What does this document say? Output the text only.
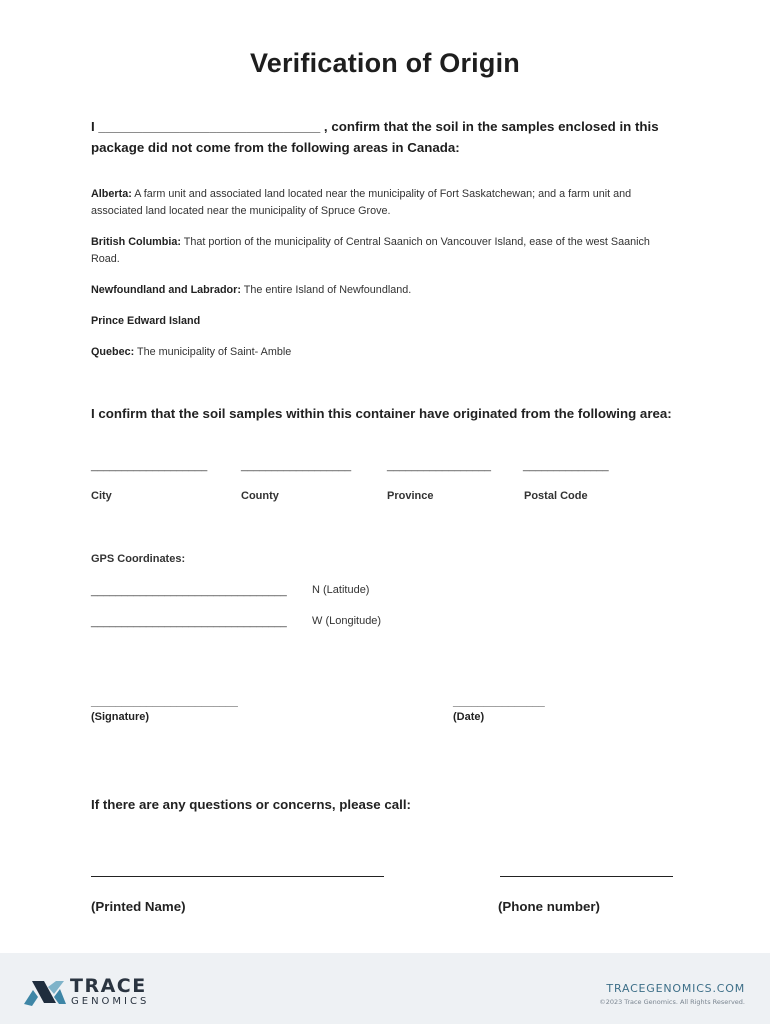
Verification of Origin
I ______________________________ , confirm that the soil in the samples enclosed in this
package did not come from the following areas in Canada:
Alberta: A farm unit and associated land located near the municipality of Fort Saskatchewan; and a farm unit and associated land located near the municipality of Spruce Grove.
British Columbia: That portion of the municipality of Central Saanich on Vancouver Island, ease of the west Saanich Road.
Newfoundland and Labrador: The entire Island of Newfoundland.
Prince Edward Island
Quebec: The municipality of Saint- Amble
I confirm that the soil samples within this container have originated from the following area:
___________________	__________________	_________________	______________
City	County	Province	Postal Code
GPS Coordinates:
________________________________ N (Latitude)
________________________________ W (Longitude)
________________________
(Signature)
_______________
(Date)
If there are any questions or concerns, please call:
(Printed Name)	(Phone number)
TRACE
GENOMICS
TRACEGENOMICS.COM
©2023 Trace Genomics. All Rights Reserved.
